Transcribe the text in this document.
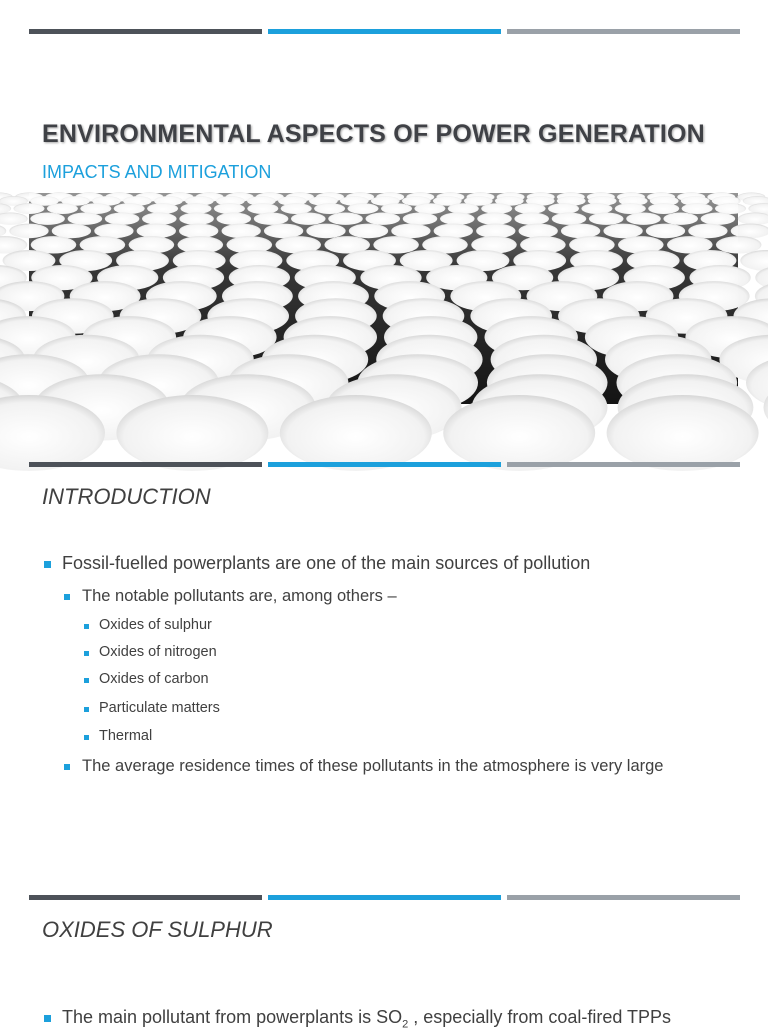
ENVIRONMENTAL ASPECTS OF POWER GENERATION
IMPACTS AND MITIGATION
INTRODUCTION
Fossil-fuelled powerplants are one of the main sources of pollution
The notable pollutants are, among others –
Oxides of sulphur
Oxides of nitrogen
Oxides of carbon
Particulate matters
Thermal
The average residence times of these pollutants in the atmosphere is very large
OXIDES OF SULPHUR
The main pollutant from powerplants is $SO_2$ , especially from coal-fired TPPs
